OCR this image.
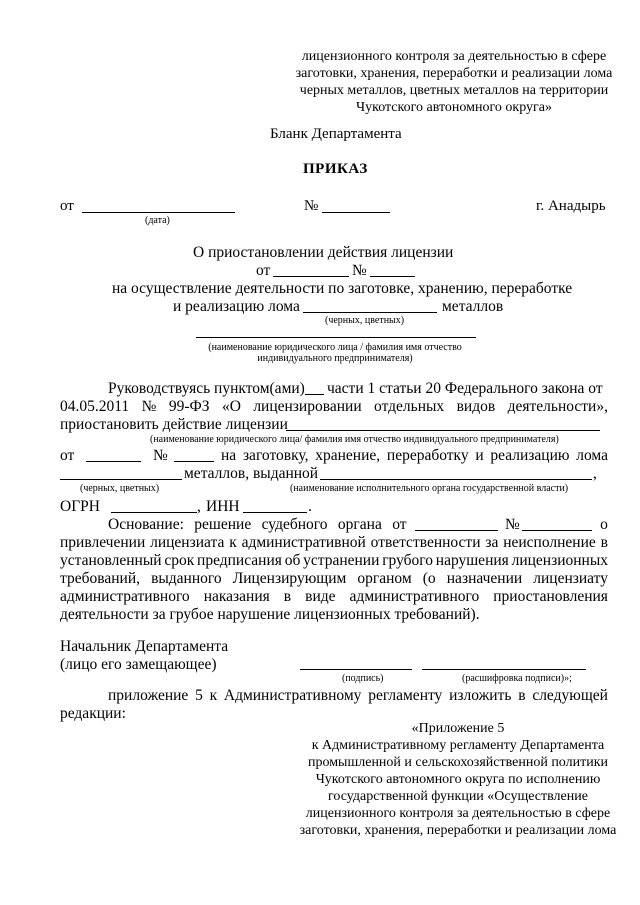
лицензионного контроля за деятельностью в сфере
заготовки, хранения, переработки и реализации лома
черных металлов, цветных металлов на территории
Чукотского автономного округа»
Бланк Департамента
ПРИКАЗ
от
(дата)
№	г. Анадырь
О приостановлении действия лицензии
от	№
на осуществление деятельности по заготовке, хранению, переработке
и реализацию лома	металлов
(черных, цветных)
(наименование юридического лица / фамилия имя отчество
индивидуального предпринимателя)
Руководствуясь пунктом(ами) части 1 статьи 20 Федерального закона от
04.05.2011 № 99-ФЗ «О лицензировании отдельных видов деятельности»,
приостановить действие лицензии
(наименование юридического лица/ фамилия имя отчество индивидуального предпринимателя)
от	№	на заготовку, хранение, переработку и реализацию лома
металлов, выданной	,
(черных, цветных)	(наименование исполнительного органа государственной власти)
ОГРН	, ИНН	.
Основание: решение судебного органа от	№	о
привлечении лицензиата к административной ответственности за неисполнение в
установленный срок предписания об устранении грубого нарушения лицензионных
требований, выданного Лицензирующим органом (о назначении лицензиату
административного наказания в виде административного приостановления
деятельности за грубое нарушение лицензионных требований).
Начальник Департамента
(лицо его замещающее)
(подпись)	(расшифровка подписи)»;
приложение 5 к Административному регламенту изложить в следующей
редакции:
«Приложение 5
к Административному регламенту Департамента
промышленной и сельскохозяйственной политики
Чукотского автономного округа по исполнению
государственной функции «Осуществление
лицензионного контроля за деятельностью в сфере
заготовки, хранения, переработки и реализации лома
